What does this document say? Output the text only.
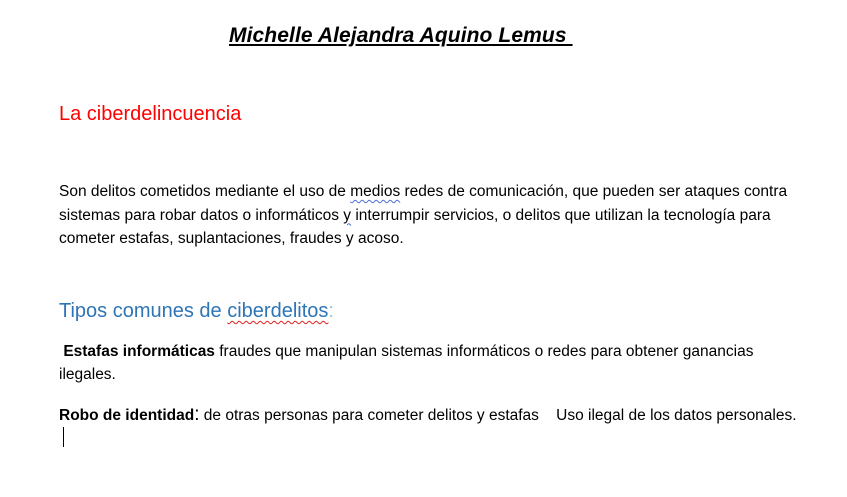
Michelle Alejandra Aquino Lemus
La ciberdelincuencia
Son delitos cometidos mediante el uso de medios redes de comunicación, que pueden ser ataques contra sistemas para robar datos o informáticos y interrumpir servicios, o delitos que utilizan la tecnología para cometer estafas, suplantaciones, fraudes y acoso.
Tipos comunes de ciberdelitos:
Estafas informáticas fraudes que manipulan sistemas informáticos o redes para obtener ganancias ilegales.
Robo de identidad: de otras personas para cometer delitos y estafas    Uso ilegal de los datos personales.
